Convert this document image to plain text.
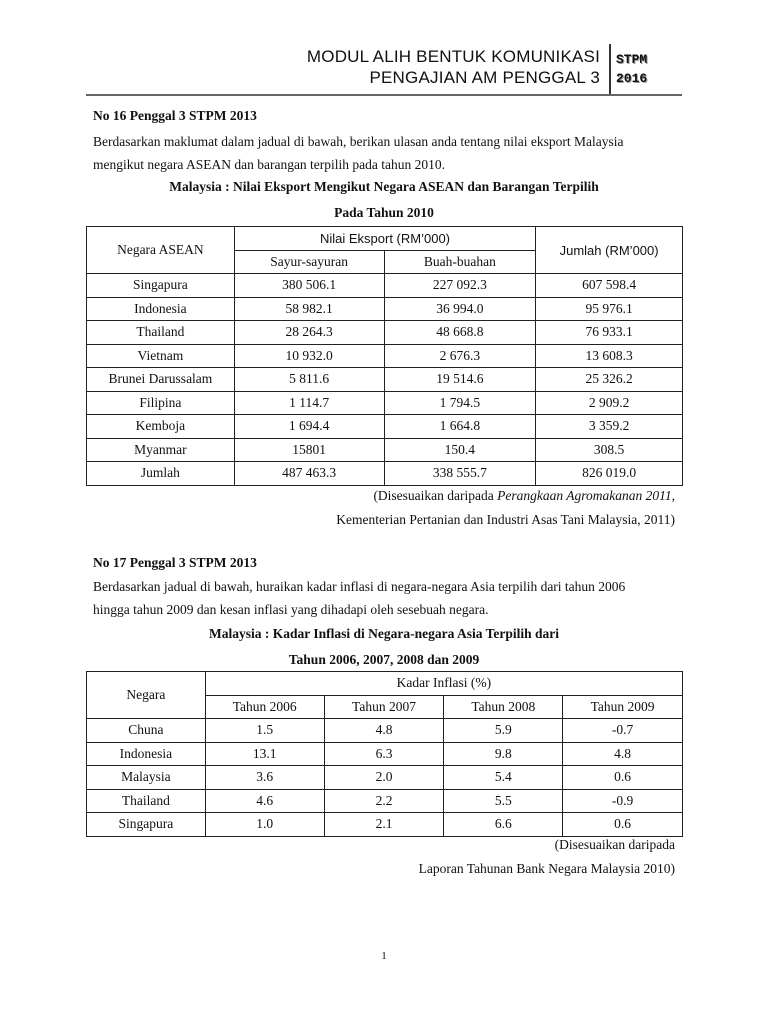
MODUL ALIH BENTUK KOMUNIKASI
PENGAJIAN AM PENGGAL 3
STPM
2016
No 16 Penggal 3 STPM 2013
Berdasarkan maklumat dalam jadual di bawah, berikan ulasan anda tentang nilai eksport Malaysia
mengikut negara ASEAN dan barangan terpilih pada tahun 2010.
Malaysia : Nilai Eksport Mengikut Negara ASEAN dan Barangan Terpilih
Pada Tahun 2010
Negara ASEAN	Nilai Eksport (RM’000)		Jumlah (RM’000)
	Sayur-sayuran	Buah-buahan	
Singapura	380 506.1	227 092.3	607 598.4
Indonesia	58 982.1	36 994.0	95 976.1
Thailand	28 264.3	48 668.8	76 933.1
Vietnam	10 932.0	2 676.3	13 608.3
Brunei Darussalam	5 811.6	19 514.6	25 326.2
Filipina	1 114.7	1 794.5	2 909.2
Kemboja	1 694.4	1 664.8	3 359.2
Myanmar	15801	150.4	308.5
Jumlah	487 463.3	338 555.7	826 019.0
(Disesuaikan daripada Perangkaan Agromakanan 2011,
Kementerian Pertanian dan Industri Asas Tani Malaysia, 2011)
No 17 Penggal 3 STPM 2013
Berdasarkan jadual di bawah, huraikan kadar inflasi di negara-negara Asia terpilih dari tahun 2006
hingga tahun 2009 dan kesan inflasi yang dihadapi oleh sesebuah negara.
Malaysia : Kadar Inflasi di Negara-negara Asia Terpilih dari
Tahun 2006, 2007, 2008 dan 2009
Negara	Kadar Inflasi (%)			
	Tahun 2006	Tahun 2007	Tahun 2008	Tahun 2009
Chuna	1.5	4.8	5.9	-0.7
Indonesia	13.1	6.3	9.8	4.8
Malaysia	3.6	2.0	5.4	0.6
Thailand	4.6	2.2	5.5	-0.9
Singapura	1.0	2.1	6.6	0.6
(Disesuaikan daripada
Laporan Tahunan Bank Negara Malaysia 2010)
1
